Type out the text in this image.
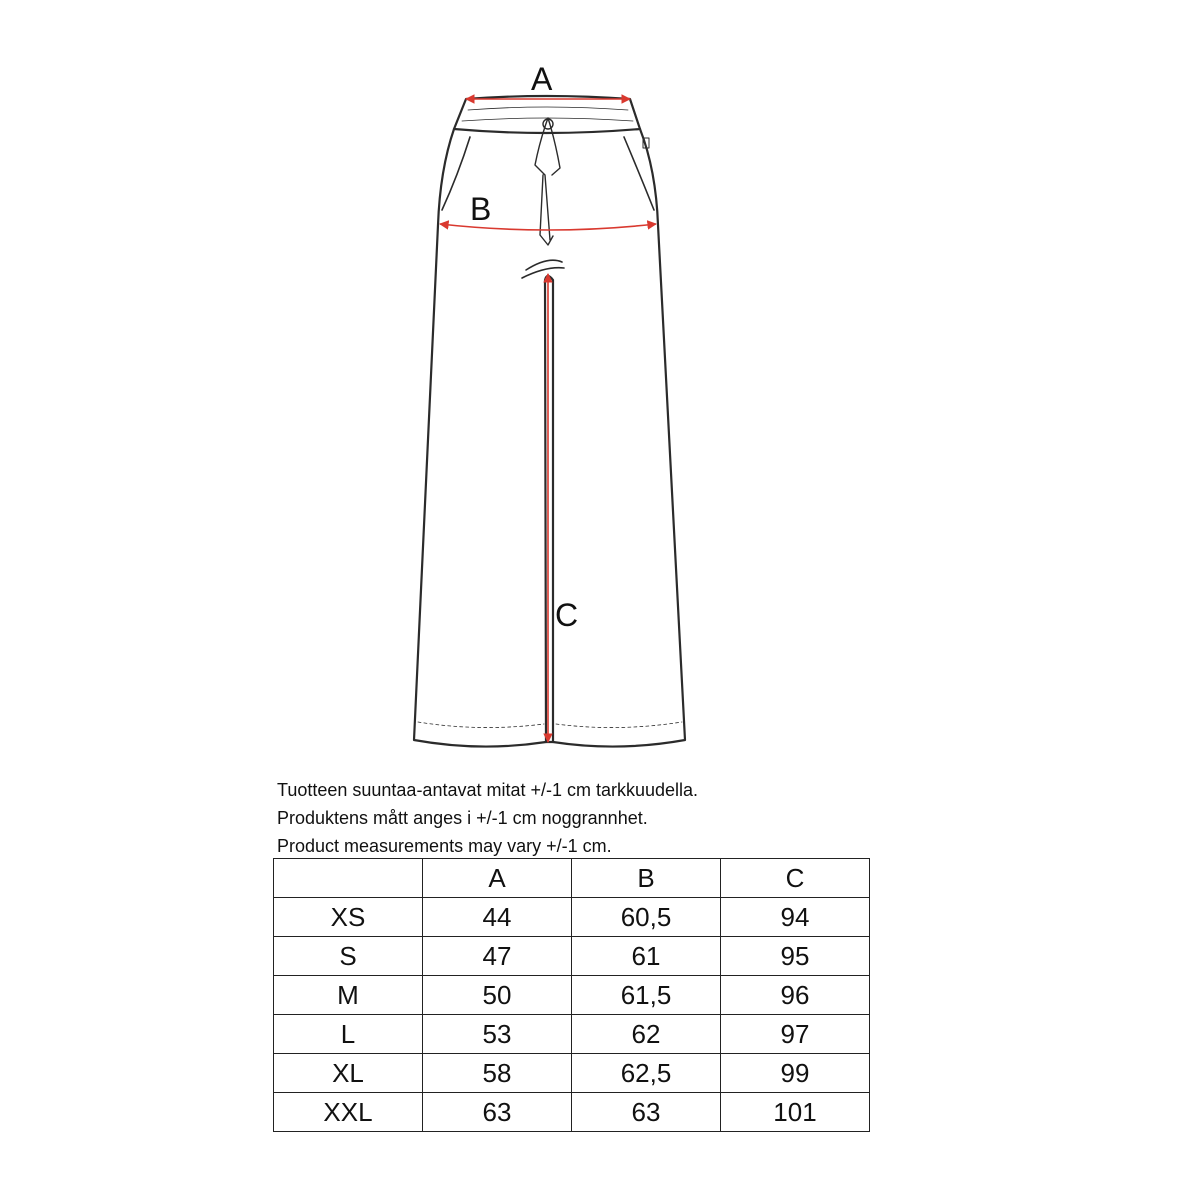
A
B
C
Tuotteen suuntaa-antavat mitat +/-1 cm tarkkuudella.
Produktens mått anges i +/-1 cm noggrannhet.
Product measurements may vary +/-1 cm.
	A	B	C
XS	44	60,5	94
S	47	61	95
M	50	61,5	96
L	53	62	97
XL	58	62,5	99
XXL	63	63	101
